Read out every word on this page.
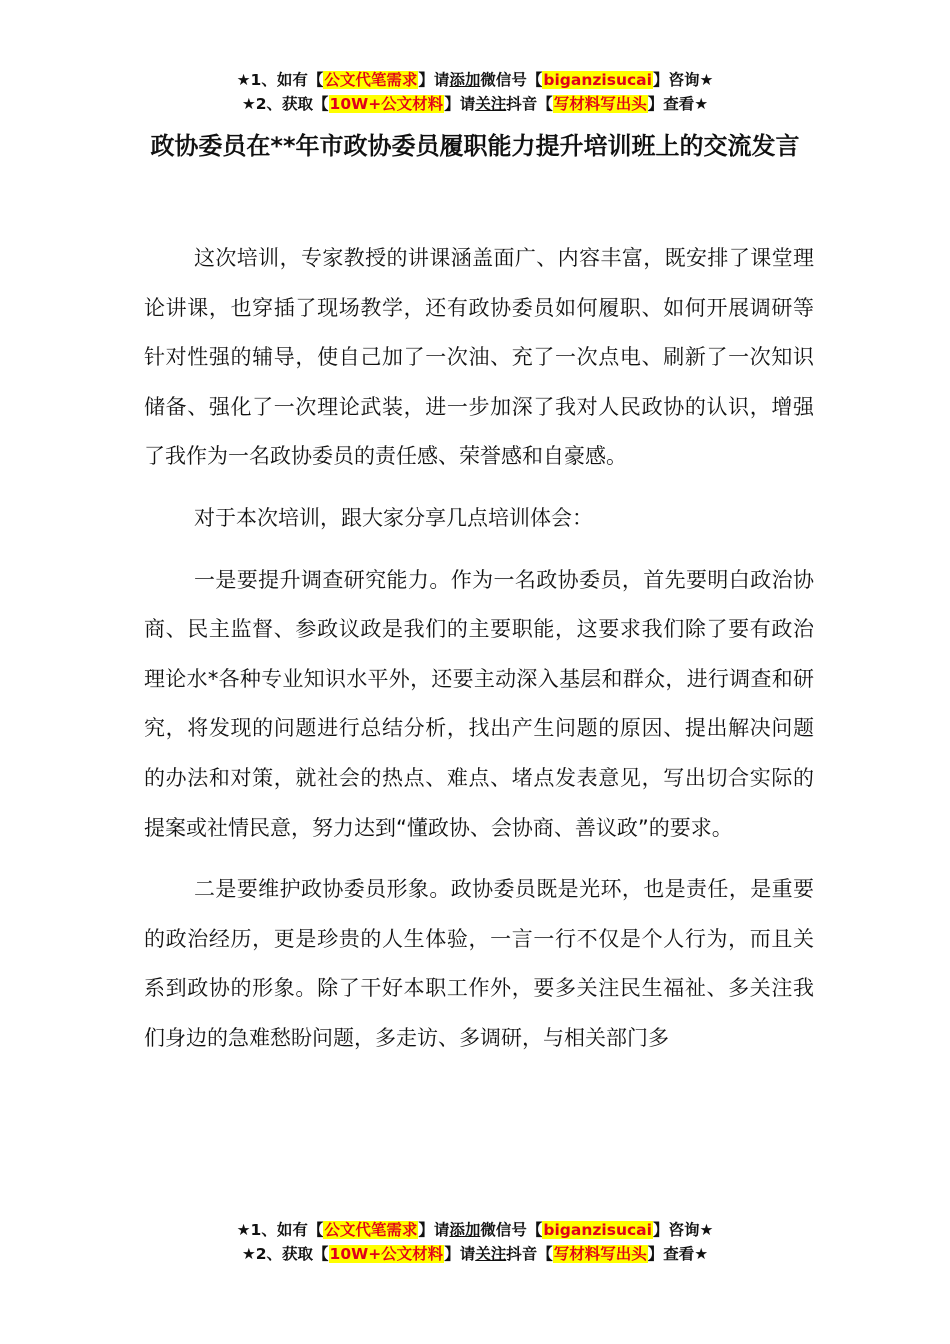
★1、如有【公文代笔需求】请添加微信号【biganzisucai】咨询★
★2、获取【10W+公文材料】请关注抖音【写材料写出头】查看★
政协委员在**年市政协委员履职能力提升培训班上的交流发言

这次培训，专家教授的讲课涵盖面广、内容丰富，既安排了课堂理论讲课，也穿插了现场教学，还有政协委员如何履职、如何开展调研等针对性强的辅导，使自己加了一次油、充了一次点电、刷新了一次知识储备、强化了一次理论武装，进一步加深了我对人民政协的认识，增强了我作为一名政协委员的责任感、荣誉感和自豪感。

对于本次培训，跟大家分享几点培训体会：

一是要提升调查研究能力。作为一名政协委员，首先要明白政治协商、民主监督、参政议政是我们的主要职能，这要求我们除了要有政治理论水*各种专业知识水平外，还要主动深入基层和群众，进行调查和研究，将发现的问题进行总结分析，找出产生问题的原因、提出解决问题的办法和对策，就社会的热点、难点、堵点发表意见，写出切合实际的提案或社情民意，努力达到“懂政协、会协商、善议政”的要求。

二是要维护政协委员形象。政协委员既是光环，也是责任，是重要的政治经历，更是珍贵的人生体验，一言一行不仅是个人行为，而且关系到政协的形象。除了干好本职工作外，要多关注民生福祉、多关注我们身边的急难愁盼问题，多走访、多调研，与相关部门多

★1、如有【公文代笔需求】请添加微信号【biganzisucai】咨询★
★2、获取【10W+公文材料】请关注抖音【写材料写出头】查看★
